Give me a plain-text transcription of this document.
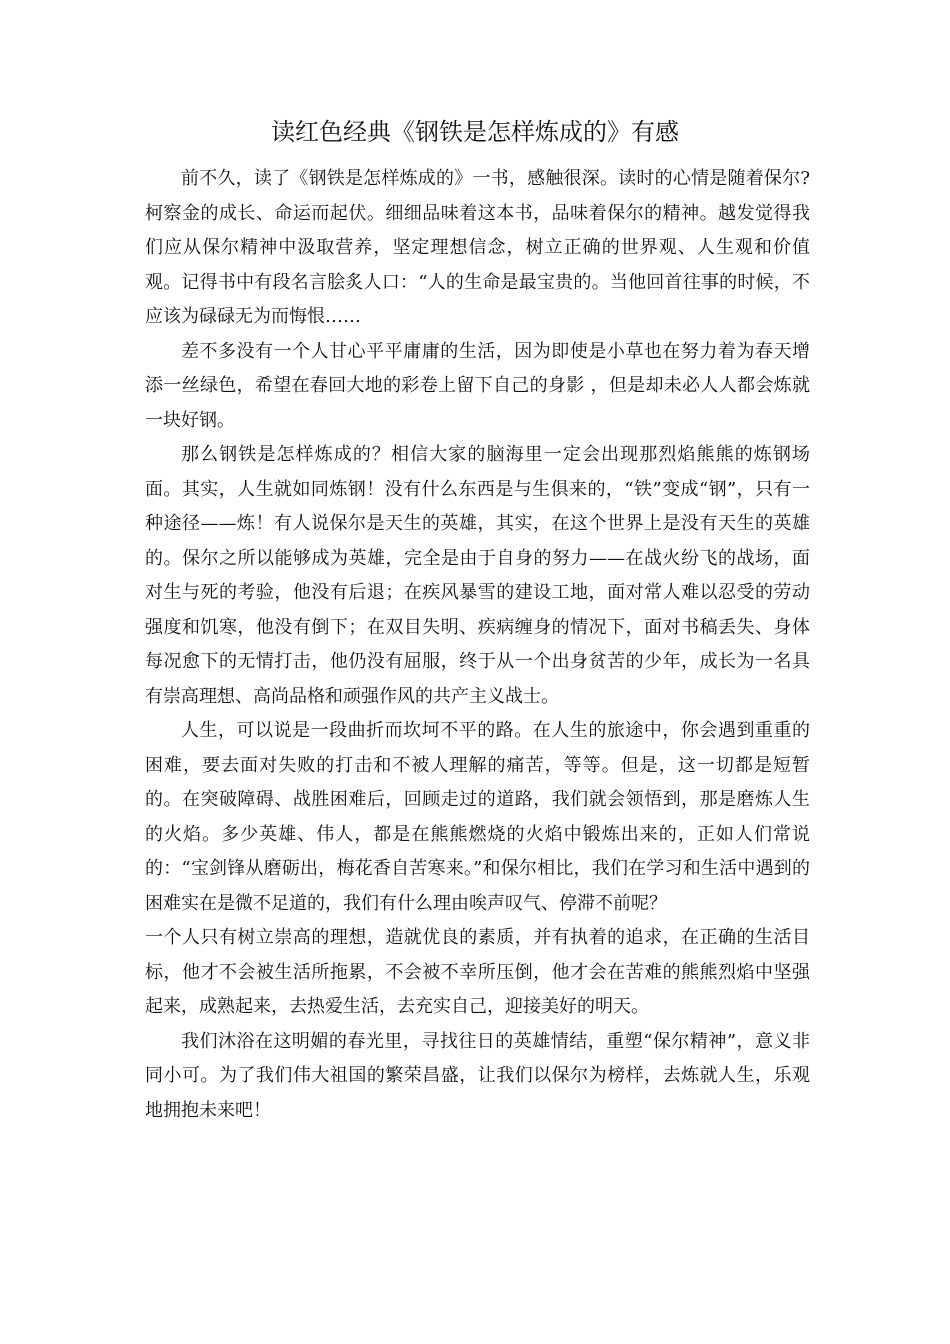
读红色经典《钢铁是怎样炼成的》有感

前不久，读了《钢铁是怎样炼成的》一书，感触很深。读时的心情是随着保尔?柯察金的成长、命运而起伏。细细品味着这本书，品味着保尔的精神。越发觉得我们应从保尔精神中汲取营养，坚定理想信念，树立正确的世界观、人生观和价值观。记得书中有段名言脍炙人口：“人的生命是最宝贵的。当他回首往事的时候，不应该为碌碌无为而悔恨……

差不多没有一个人甘心平平庸庸的生活，因为即使是小草也在努力着为春天增添一丝绿色，希望在春回大地的彩卷上留下自己的身影 ，但是却未必人人都会炼就一块好钢。

那么钢铁是怎样炼成的？相信大家的脑海里一定会出现那烈焰熊熊的炼钢场面。其实，人生就如同炼钢！没有什么东西是与生俱来的，“铁”变成“钢”，只有一种途径——炼！有人说保尔是天生的英雄，其实，在这个世界上是没有天生的英雄的。保尔之所以能够成为英雄，完全是由于自身的努力——在战火纷飞的战场，面对生与死的考验，他没有后退；在疾风暴雪的建设工地，面对常人难以忍受的劳动强度和饥寒，他没有倒下；在双目失明、疾病缠身的情况下，面对书稿丢失、身体每况愈下的无情打击，他仍没有屈服，终于从一个出身贫苦的少年，成长为一名具有崇高理想、高尚品格和顽强作风的共产主义战士。

人生，可以说是一段曲折而坎坷不平的路。在人生的旅途中，你会遇到重重的困难，要去面对失败的打击和不被人理解的痛苦，等等。但是，这一切都是短暂的。在突破障碍、战胜困难后，回顾走过的道路，我们就会领悟到，那是磨炼人生的火焰。多少英雄、伟人，都是在熊熊燃烧的火焰中锻炼出来的，正如人们常说的：“宝剑锋从磨砺出，梅花香自苦寒来。”和保尔相比，我们在学习和生活中遇到的困难实在是微不足道的，我们有什么理由唉声叹气、停滞不前呢？

一个人只有树立崇高的理想，造就优良的素质，并有执着的追求，在正确的生活目标，他才不会被生活所拖累，不会被不幸所压倒，他才会在苦难的熊熊烈焰中坚强起来，成熟起来，去热爱生活，去充实自己，迎接美好的明天。

我们沐浴在这明媚的春光里，寻找往日的英雄情结，重塑“保尔精神”，意义非同小可。为了我们伟大祖国的繁荣昌盛，让我们以保尔为榜样，去炼就人生，乐观地拥抱未来吧！
